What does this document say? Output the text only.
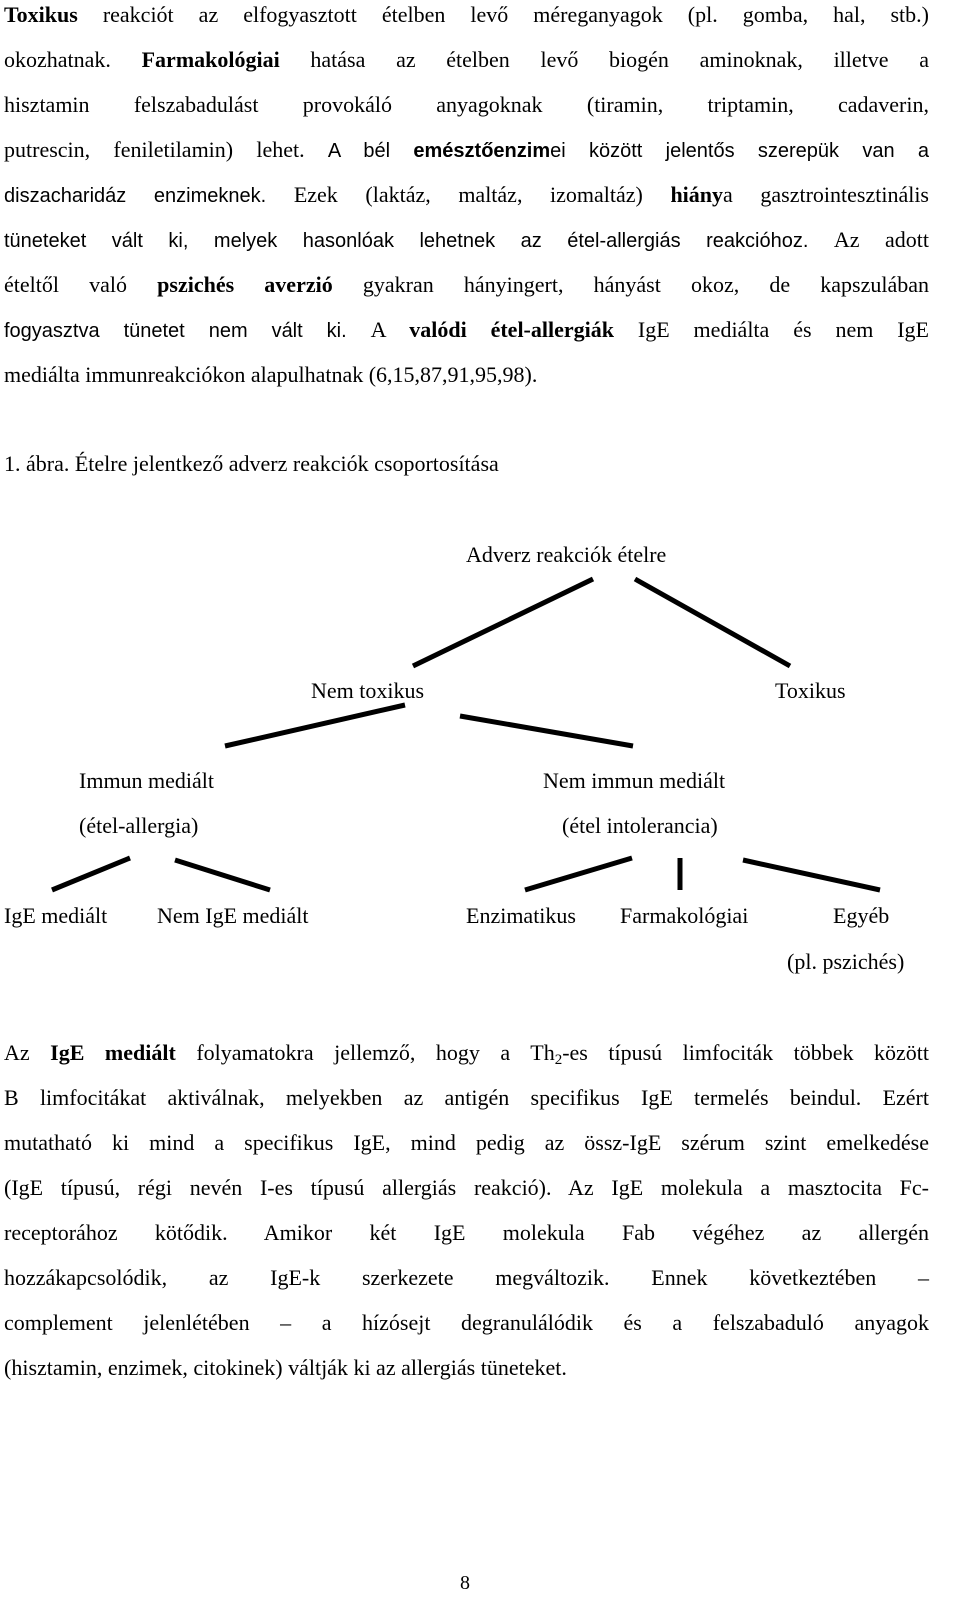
Toxikus reakciót az elfogyasztott ételben levő méreganyagok (pl. gomba, hal, stb.)
okozhatnak. Farmakológiai hatása az ételben levő biogén aminoknak, illetve a
hisztamin felszabadulást provokáló anyagoknak (tiramin, triptamin, cadaverin,
putrescin, feniletilamin) lehet. A bél emésztőenzimei között jelentős szerepük van a
diszacharidáz enzimeknek. Ezek (laktáz, maltáz, izomaltáz) hiánya gasztrointesztinális
tüneteket vált ki, melyek hasonlóak lehetnek az étel-allergiás reakcióhoz. Az adott
ételtől való pszichés averzió gyakran hányingert, hányást okoz, de kapszulában
fogyasztva tünetet nem vált ki. A valódi étel-allergiák IgE mediálta és nem IgE
mediálta immunreakciókon alapulhatnak (6,15,87,91,95,98).

1. ábra. Ételre jelentkező adverz reakciók csoportosítása

Adverz reakciók ételre

Nem toxikus	Toxikus

Immun mediált

(étel-allergia)

Nem immun mediált

(étel intolerancia)

IgE mediált Nem IgE mediált	Enzimatikus Farmakológiai	Egyéb

(pl. pszichés)

Az IgE mediált folyamatokra jellemző, hogy a $Th_2-es$ típusú limfociták többek között
B limfocitákat aktiválnak, melyekben az antigén specifikus IgE termelés beindul. Ezért
mutatható ki mind a specifikus IgE, mind pedig az össz-IgE szérum szint emelkedése
(IgE típusú, régi nevén I-es típusú allergiás reakció). Az IgE molekula a masztocita Fc-
receptorához kötődik. Amikor két IgE molekula Fab végéhez az allergén
hozzákapcsolódik, az IgE-k szerkezete megváltozik. Ennek következtében –
complement jelenlétében – a hízósejt degranulálódik és a felszabaduló anyagok
(hisztamin, enzimek, citokinek) váltják ki az allergiás tüneteket.

8
